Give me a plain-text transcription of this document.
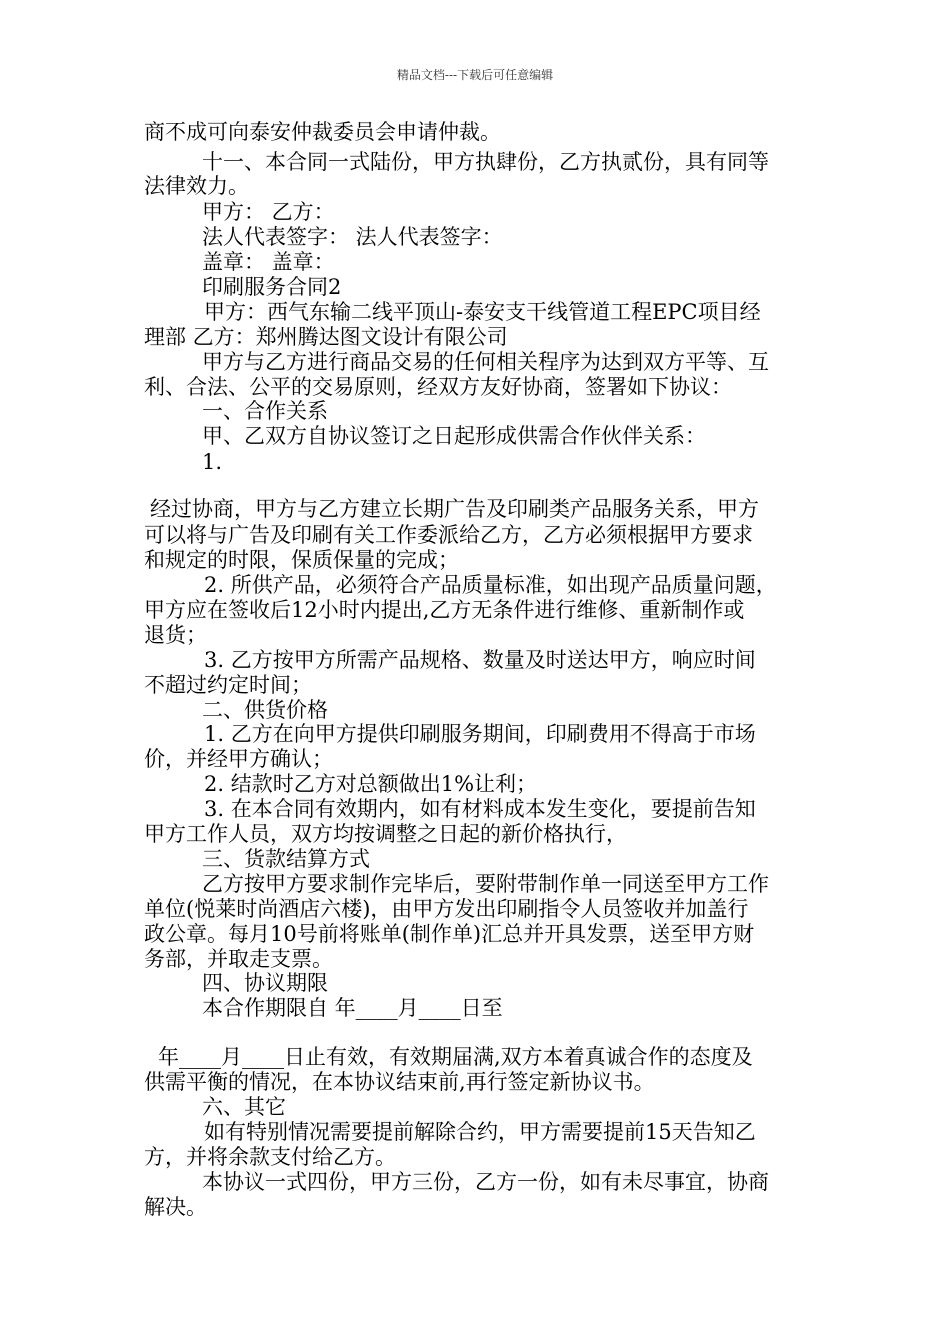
精品文档---下载后可任意编辑
商不成可向泰安仲裁委员会申请仲裁。
十一、本合同一式陆份，甲方执肆份，乙方执贰份，具有同等
法律效力。
甲方： 乙方：
法人代表签字： 法人代表签字：
盖章： 盖章：
印刷服务合同2
甲方：西气东输二线平顶山-泰安支干线管道工程EPC项目经
理部 乙方：郑州腾达图文设计有限公司
甲方与乙方进行商品交易的任何相关程序为达到双方平等、互
利、合法、公平的交易原则，经双方友好协商，签署如下协议：
一、合作关系
甲、乙双方自协议签订之日起形成供需合作伙伴关系：
1.
经过协商，甲方与乙方建立长期广告及印刷类产品服务关系，甲方
可以将与广告及印刷有关工作委派给乙方，乙方必须根据甲方要求
和规定的时限，保质保量的完成；
2. 所供产品，必须符合产品质量标准，如出现产品质量问题，
甲方应在签收后12小时内提出,乙方无条件进行维修、重新制作或
退货；
3. 乙方按甲方所需产品规格、数量及时送达甲方，响应时间
不超过约定时间；
二、供货价格
1. 乙方在向甲方提供印刷服务期间，印刷费用不得高于市场
价，并经甲方确认；
2. 结款时乙方对总额做出1%让利；
3. 在本合同有效期内，如有材料成本发生变化，要提前告知
甲方工作人员，双方均按调整之日起的新价格执行，
三、货款结算方式
乙方按甲方要求制作完毕后，要附带制作单一同送至甲方工作
单位(悦莱时尚酒店六楼)，由甲方发出印刷指令人员签收并加盖行
政公章。每月10号前将账单(制作单)汇总并开具发票，送至甲方财
务部，并取走支票。
四、协议期限
本合作期限自 年____月____日至
年____月____日止有效，有效期届满,双方本着真诚合作的态度及
供需平衡的情况，在本协议结束前,再行签定新协议书。
六、其它
如有特别情况需要提前解除合约，甲方需要提前15天告知乙
方，并将余款支付给乙方。
本协议一式四份，甲方三份，乙方一份，如有未尽事宜，协商
解决。
